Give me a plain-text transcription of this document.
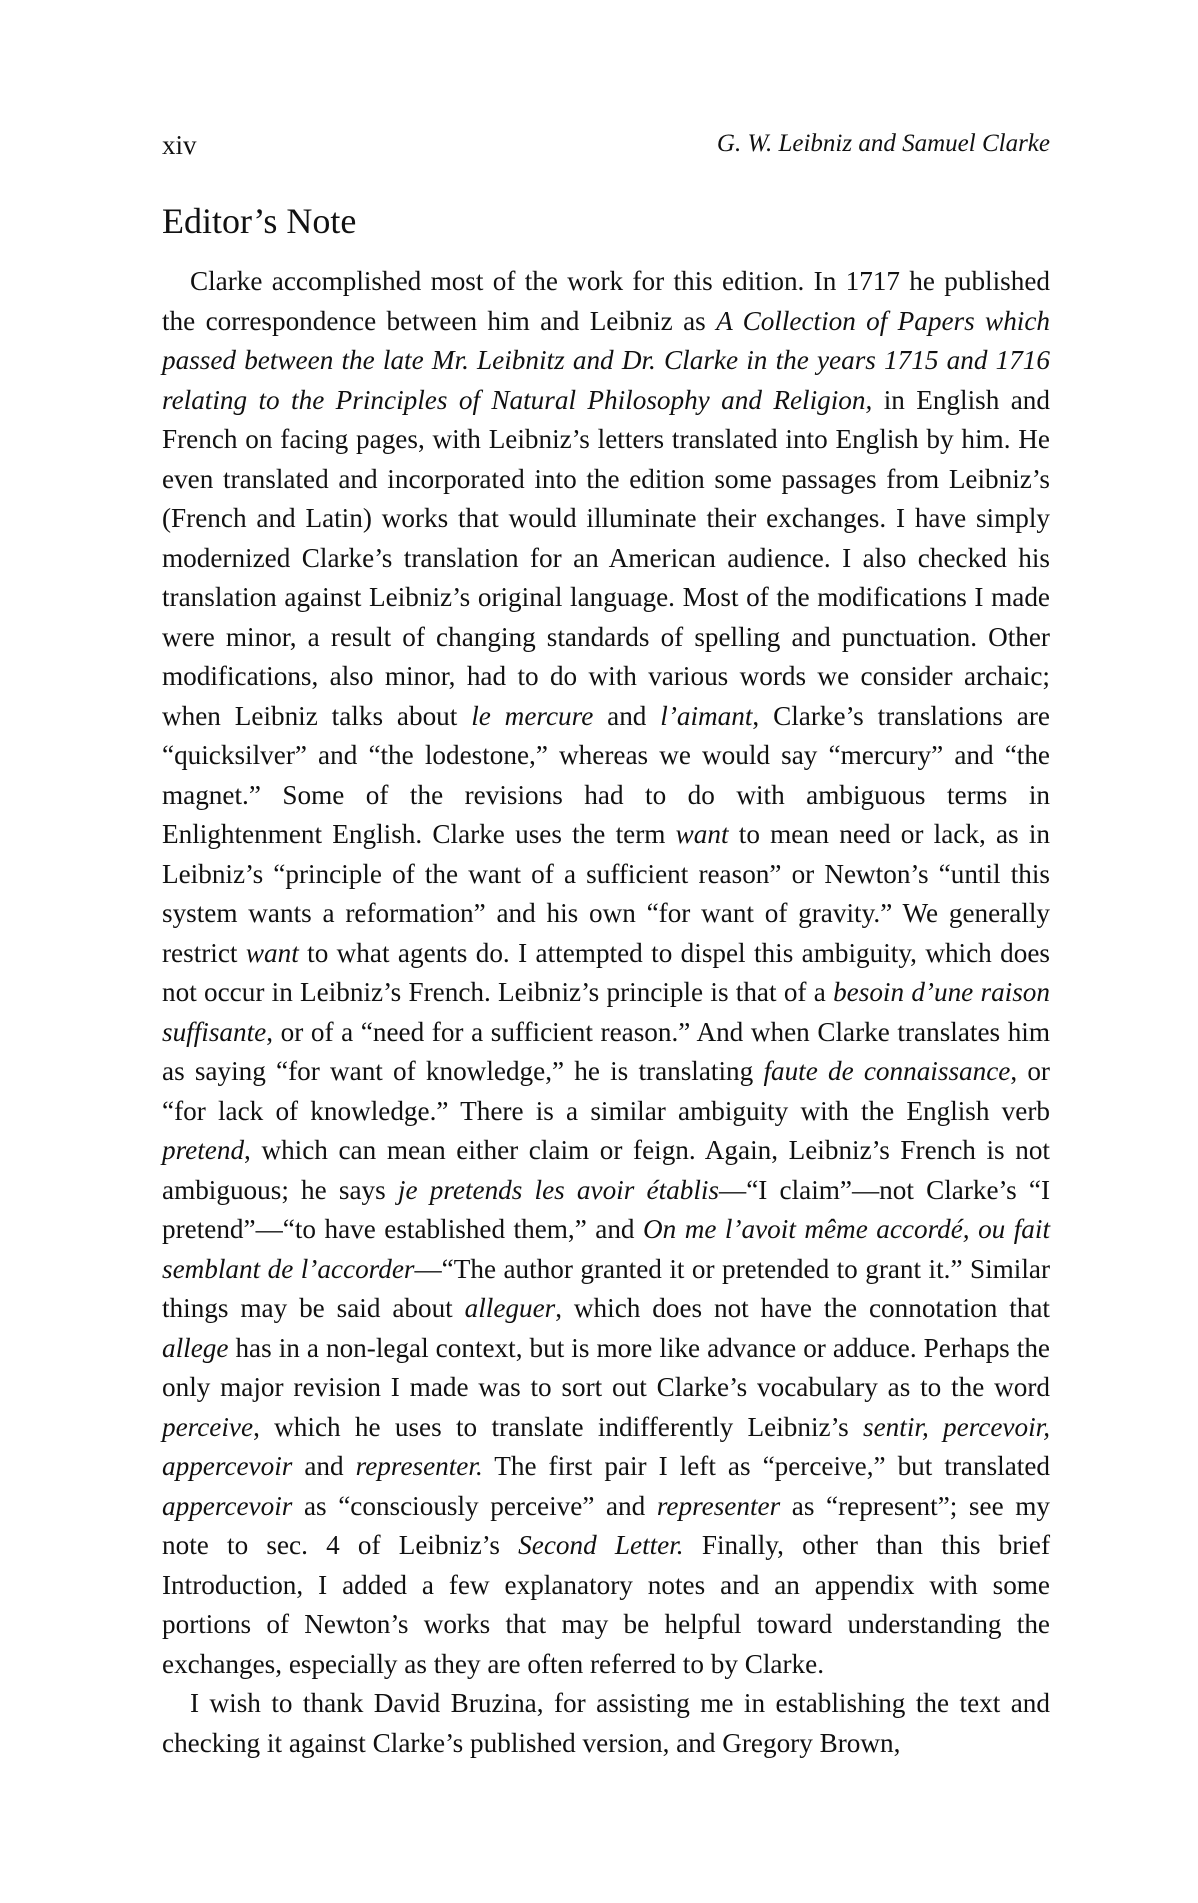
xiv	G. W. Leibniz and Samuel Clarke
Editor’s Note

Clarke accomplished most of the work for this edition. In 1717 he published the correspondence between him and Leibniz as A Collection of Papers which passed between the late Mr. Leibnitz and Dr. Clarke in the years 1715 and 1716 relating to the Principles of Natural Philosophy and Religion, in English and French on facing pages, with Leibniz’s letters translated into English by him. He even translated and incorporated into the edition some passages from Leibniz’s (French and Latin) works that would illuminate their exchanges. I have simply modernized Clarke’s translation for an American audience. I also checked his translation against Leibniz’s original language. Most of the modifications I made were minor, a result of changing standards of spelling and punctuation. Other modifications, also minor, had to do with various words we consider archaic; when Leibniz talks about le mercure and l’aimant, Clarke’s translations are “quicksilver” and “the lodestone,” whereas we would say “mercury” and “the magnet.” Some of the revisions had to do with ambiguous terms in Enlightenment English. Clarke uses the term want to mean need or lack, as in Leibniz’s “principle of the want of a sufficient reason” or Newton’s “until this system wants a reformation” and his own “for want of gravity.” We generally restrict want to what agents do. I attempted to dispel this ambiguity, which does not occur in Leibniz’s French. Leibniz’s principle is that of a besoin d’une raison suffisante, or of a “need for a sufficient reason.” And when Clarke translates him as saying “for want of knowledge,” he is translating faute de connaissance, or “for lack of knowledge.” There is a similar ambiguity with the English verb pretend, which can mean either claim or feign. Again, Leibniz’s French is not ambiguous; he says je pretends les avoir établis—“I claim”—not Clarke’s “I pretend”—“to have established them,” and On me l’avoit même accordé, ou fait semblant de l’accorder—“The author granted it or pretended to grant it.” Similar things may be said about alleguer, which does not have the connotation that allege has in a non-legal context, but is more like advance or adduce. Perhaps the only major revision I made was to sort out Clarke’s vocabulary as to the word perceive, which he uses to translate indifferently Leibniz’s sentir, percevoir, appercevoir and representer. The first pair I left as “perceive,” but translated appercevoir as “consciously perceive” and representer as “represent”; see my note to sec. 4 of Leibniz’s Second Letter. Finally, other than this brief Introduction, I added a few explanatory notes and an appendix with some portions of Newton’s works that may be helpful toward understanding the exchanges, especially as they are often referred to by Clarke.

I wish to thank David Bruzina, for assisting me in establishing the text and checking it against Clarke’s published version, and Gregory Brown,
